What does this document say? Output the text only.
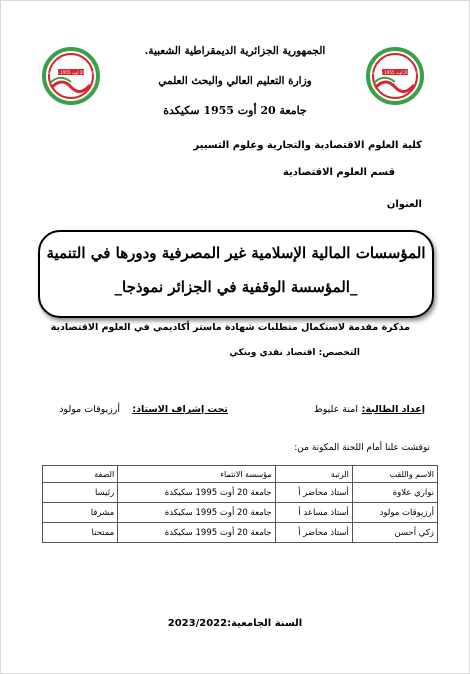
جامعة 20 أوت 1955 سكيكدة	جامعة 20 أوت 1955 سكيكدة
الجمهورية الجزائرية الديمقراطية الشعبية.
وزارة التعليم العالي والبحث العلمي
جامعة 20 أوت 1955 سكيكدة
كلية العلوم الاقتصادية والتجارية وعلوم التسيير
قسم العلوم الاقتصادية
العنوان
المؤسسات المالية الإسلامية غير المصرفية ودورها في التنمية
_المؤسسة الوقفية في الجزائر نموذجا_
مذكرة مقدمة لاستكمال متطلبات شهادة ماستر أكاديمي في العلوم الاقتصادية
التخصص: اقتصاد نقدي وبنكي
إعداد الطالبة:
امنة عليوط
تحت إشراف الاستاذ:
أرزيوقات مولود
نوقشت علنا أمام اللجنة المكونة من:
الاسم واللقب	الرتبة	مؤسسة الانتماء	الصفة
نواري علاوة	أستاذ محاضر أ	جامعة 20 أوت 1995 سكيكدة	رئيسا
أرزيوقات مولود	أستاذ مساعد أ	جامعة 20 أوت 1995 سكيكدة	مشرفا
زكي أحسن	أستاذ محاضر أ	جامعة 20 أوت 1995 سكيكدة	ممتحنا
السنة الجامعية:2023/2022
